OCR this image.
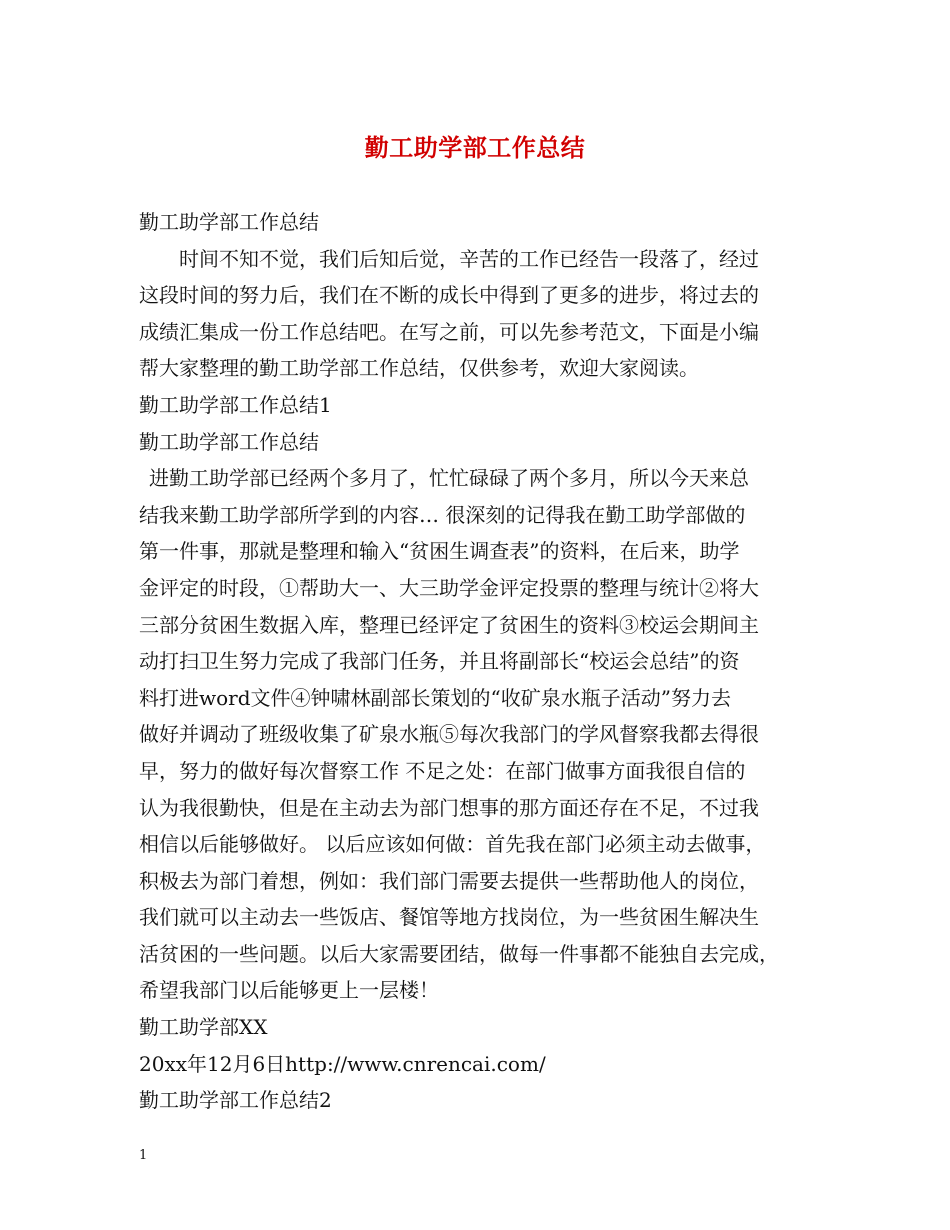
勤工助学部工作总结
勤工助学部工作总结
时间不知不觉，我们后知后觉，辛苦的工作已经告一段落了，经过
这段时间的努力后，我们在不断的成长中得到了更多的进步，将过去的
成绩汇集成一份工作总结吧。在写之前，可以先参考范文，下面是小编
帮大家整理的勤工助学部工作总结，仅供参考，欢迎大家阅读。
勤工助学部工作总结1
勤工助学部工作总结
进勤工助学部已经两个多月了，忙忙碌碌了两个多月，所以今天来总
结我来勤工助学部所学到的内容… 很深刻的记得我在勤工助学部做的
第一件事，那就是整理和输入“贫困生调查表”的资料，在后来，助学
金评定的时段，①帮助大一、大三助学金评定投票的整理与统计②将大
三部分贫困生数据入库，整理已经评定了贫困生的资料③校运会期间主
动打扫卫生努力完成了我部门任务，并且将副部长“校运会总结”的资
料打进word文件④钟啸林副部长策划的“收矿泉水瓶子活动”努力去
做好并调动了班级收集了矿泉水瓶⑤每次我部门的学风督察我都去得很
早，努力的做好每次督察工作 不足之处：在部门做事方面我很自信的
认为我很勤快，但是在主动去为部门想事的那方面还存在不足，不过我
相信以后能够做好。 以后应该如何做：首先我在部门必须主动去做事，
积极去为部门着想，例如：我们部门需要去提供一些帮助他人的岗位，
我们就可以主动去一些饭店、餐馆等地方找岗位，为一些贫困生解决生
活贫困的一些问题。以后大家需要团结，做每一件事都不能独自去完成，
希望我部门以后能够更上一层楼！
勤工助学部XX
20xx年12月6日http://www.cnrencai.com/
勤工助学部工作总结2
1
